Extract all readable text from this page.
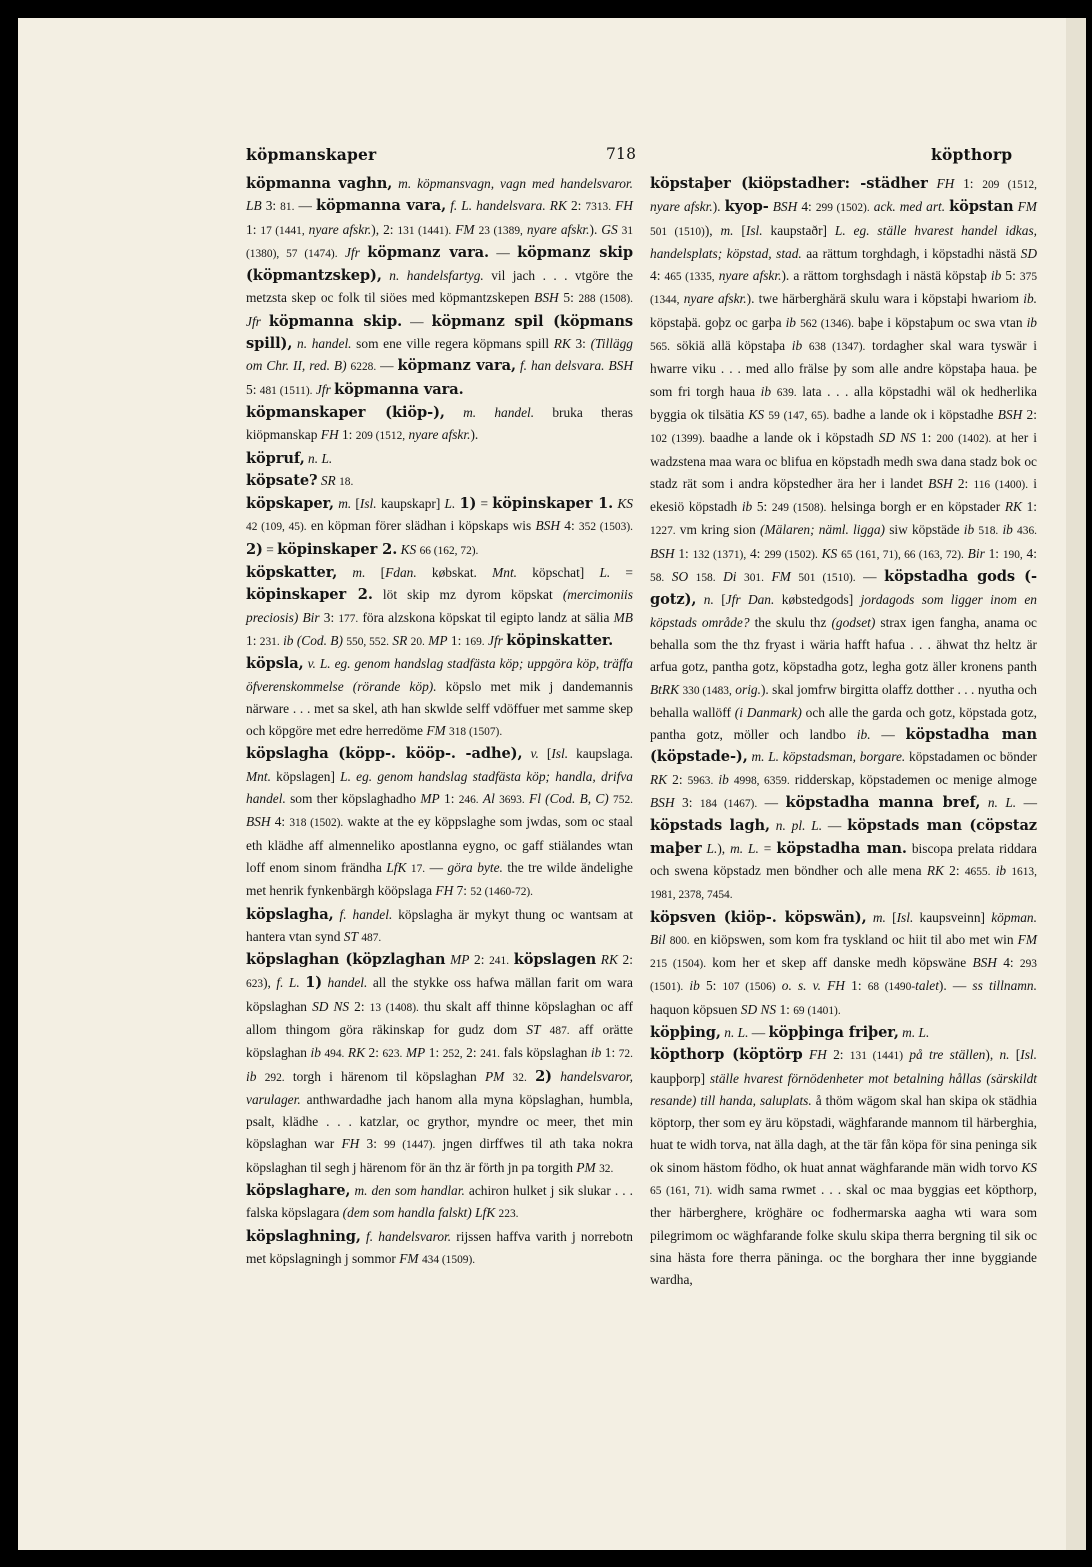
köpmanskaper	718	köpthorp

köpmanna vaghn, m. köpmansvagn, vagn med handelsvaror. LB 3: 81. — köpmanna vara, f. L. handelsvara. RK 2: 7313. FH 1: 17 (1441, nyare afskr.), 2: 131 (1441). FM 23 (1389, nyare afskr.). GS 31 (1380), 57 (1474). Jfr köpmanz vara. — köpmanz skip (köpmantzskep), n. handelsfartyg. vil jach . . . vtgöre the metzsta skep oc folk til siöes med köpmantzskepen BSH 5: 288 (1508). Jfr köpmanna skip. — köpmanz spil (köpmans spill), n. handel. som ene ville regera köpmans spill RK 3: (Tillägg om Chr. II, red. B) 6228. — köpmanz vara, f. han delsvara. BSH 5: 481 (1511). Jfr köpmanna vara.

köpmanskaper (kiöp-), m. handel. bruka theras kiöpmanskap FH 1: 209 (1512, nyare afskr.).

köpruf, n. L.

köpsate? SR 18.

köpskaper, m. [Isl. kaupskapr] L. 1) = köpinskaper 1. KS 42 (109, 45). en köpman förer slädhan i köpskaps wis BSH 4: 352 (1503). 2) = köpinskaper 2. KS 66 (162, 72).

köpskatter, m. [Fdan. købskat. Mnt. köpschat] L. = köpinskaper 2. löt skip mz dyrom köpskat (mercimoniis preciosis) Bir 3: 177. föra alzskona köpskat til egipto landz at sälia MB 1: 231. ib (Cod. B) 550, 552. SR 20. MP 1: 169. Jfr köpinskatter.

köpsla, v. L. eg. genom handslag stadfästa köp; uppgöra köp, träffa öfverenskommelse (rörande köp). köpslo met mik j dandemannis närware . . . met sa skel, ath han skwlde selff vdöffuer met samme skep och köpgöre met edre herredöme FM 318 (1507).

köpslagha (köpp-. kööp-. -adhe), v. [Isl. kaupslaga. Mnt. köpslagen] L. eg. genom handslag stadfästa köp; handla, drifva handel. som ther köpslaghadho MP 1: 246. Al 3693. Fl (Cod. B, C) 752. BSH 4: 318 (1502). wakte at the ey köppslaghe som jwdas, som oc staal eth klädhe aff almenneliko apostlanna eygno, oc gaff stiälandes wtan loff enom sinom frändha LfK 17. — göra byte. the tre wilde ändelighe met henrik fynkenbärgh kööpslaga FH 7: 52 (1460-72).

köpslagha, f. handel. köpslagha är mykyt thung oc wantsam at hantera vtan synd ST 487.

köpslaghan (köpzlaghan MP 2: 241. köpslagen RK 2: 623), f. L. 1) handel. all the stykke oss hafwa mällan farit om wara köpslaghan SD NS 2: 13 (1408). thu skalt aff thinne köpslaghan oc aff allom thingom göra räkinskap for gudz dom ST 487. aff orätte köpslaghan ib 494. RK 2: 623. MP 1: 252, 2: 241. fals köpslaghan ib 1: 72. ib 292. torgh i härenom til köpslaghan PM 32. 2) handelsvaror, varulager. anthwardadhe jach hanom alla myna köpslaghan, humbla, psalt, klädhe . . . katzlar, oc grythor, myndre oc meer, thet min köpslaghan war FH 3: 99 (1447). jngen dirffwes til ath taka nokra köpslaghan til segh j härenom för än thz är förth jn pa torgith PM 32.

köpslaghare, m. den som handlar. achiron hulket j sik slukar . . . falska köpslagara (dem som handla falskt) LfK 223.

köpslaghning, f. handelsvaror. rijssen haffva varith j norrebotn met köpslagningh j sommor FM 434 (1509).

köpstaþer (kiöpstadher: -städher FH 1: 209 (1512, nyare afskr.). kyop- BSH 4: 299 (1502). ack. med art. köpstan FM 501 (1510)), m. [Isl. kaupstaðr] L. eg. ställe hvarest handel idkas, handelsplats; köpstad, stad. aa rättum torghdagh, i köpstadhi nästä SD 4: 465 (1335, nyare afskr.). a rättom torghsdagh i nästä köpstaþ ib 5: 375 (1344, nyare afskr.). twe härberghärä skulu wara i köpstaþi hwariom ib. köpstaþä. goþz oc garþa ib 562 (1346). baþe i köpstaþum oc swa vtan ib 565. sökiä allä köpstaþa ib 638 (1347). tordagher skal wara tyswär i hwarre viku . . . med allo frälse þy som alle andre köpstaþa haua. þe som fri torgh haua ib 639. lata . . . alla köpstadhi wäl ok hedherlika byggia ok tilsätia KS 59 (147, 65). badhe a lande ok i köpstadhe BSH 2: 102 (1399). baadhe a lande ok i köpstadh SD NS 1: 200 (1402). at her i wadzstena maa wara oc blifua en köpstadh medh swa dana stadz bok oc stadz rät som i andra köpstedher ära her i landet BSH 2: 116 (1400). i ekesiö köpstadh ib 5: 249 (1508). helsinga borgh er en köpstader RK 1: 1227. vm kring sion (Mälaren; näml. ligga) siw köpstäde ib 518. ib 436. BSH 1: 132 (1371), 4: 299 (1502). KS 65 (161, 71), 66 (163, 72). Bir 1: 190, 4: 58. SO 158. Di 301. FM 501 (1510). — köpstadha gods (-gotz), n. [Jfr Dan. købstedgods] jordagods som ligger inom en köpstads område? the skulu thz (godset) strax igen fangha, anama oc behalla som the thz fryast i wäria hafft hafua . . . ähwat thz heltz är arfua gotz, pantha gotz, köpstadha gotz, legha gotz äller kronens panth BtRK 330 (1483, orig.). skal jomfrw birgitta olaffz dotther . . . nyutha och behalla wallöff (i Danmark) och alle the garda och gotz, köpstada gotz, pantha gotz, möller och landbo ib. — köpstadha man (köpstade-), m. L. köpstadsman, borgare. köpstadamen oc bönder RK 2: 5963. ib 4998, 6359. ridderskap, köpstademen oc menige almoge BSH 3: 184 (1467). — köpstadha manna bref, n. L. — köpstads lagh, n. pl. L. — köpstads man (cöpstaz maþer L.), m. L. = köpstadha man. biscopa prelata riddara och swena köpstadz men böndher och alle mena RK 2: 4655. ib 1613, 1981, 2378, 7454.

köpsven (kiöp-. köpswän), m. [Isl. kaupsveinn] köpman. Bil 800. en kiöpswen, som kom fra tyskland oc hiit til abo met win FM 215 (1504). kom her et skep aff danske medh köpswäne BSH 4: 293 (1501). ib 5: 107 (1506) o. s. v. FH 1: 68 (1490-talet). — ss tillnamn. haquon köpsuen SD NS 1: 69 (1401).

köpþing, n. L. — köpþinga friþer, m. L.

köpthorp (köptörp FH 2: 131 (1441) på tre ställen), n. [Isl. kaupþorp] ställe hvarest förnödenheter mot betalning hållas (särskildt resande) till handa, saluplats. å thöm wägom skal han skipa ok städhia köptorp, ther som ey äru köpstadi, wäghfarande mannom til härberghia, huat te widh torva, nat älla dagh, at the tär fån köpa för sina peninga sik ok sinom hästom födho, ok huat annat wäghfarande män widh torvo KS 65 (161, 71). widh sama rwmet . . . skal oc maa byggias eet köpthorp, ther härberghere, kröghäre oc fodhermarska aagha wti wara som pilegrimom oc wäghfarande folke skulu skipa therra bergning til sik oc sina hästa fore therra päninga. oc the borghara ther inne byggiande wardha,
